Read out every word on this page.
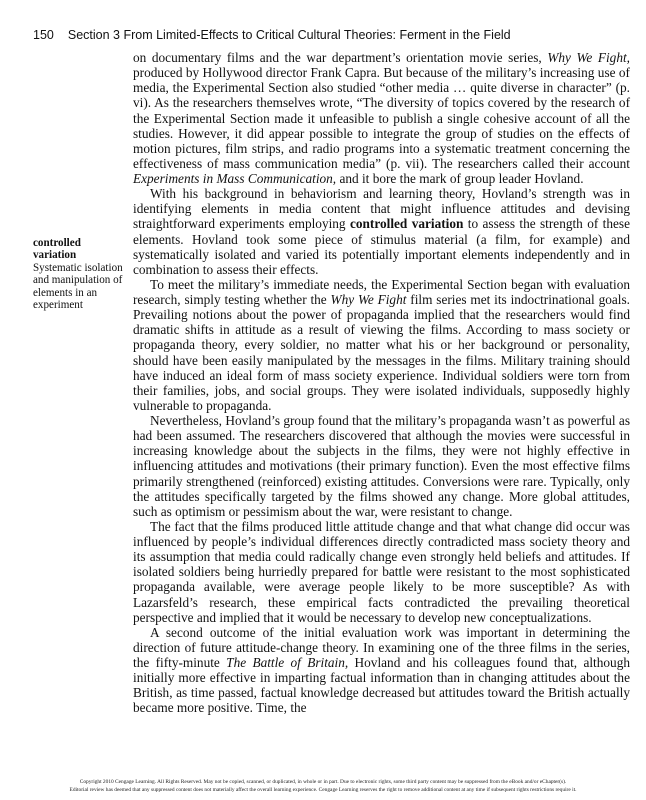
150 Section 3 From Limited-Effects to Critical Cultural Theories: Ferment in the Field
controlled variation
Systematic isolation and manipulation of elements in an experiment

on documentary films and the war department’s orientation movie series, Why We Fight, produced by Hollywood director Frank Capra. But because of the military’s increasing use of media, the Experimental Section also studied “other media … quite diverse in character” (p. vi). As the researchers themselves wrote, “The diversity of topics covered by the research of the Experimental Section made it unfeasible to publish a single cohesive account of all the studies. However, it did appear possible to integrate the group of studies on the effects of motion pictures, film strips, and radio programs into a systematic treatment concerning the effectiveness of mass communication media” (p. vii). The researchers called their account Experiments in Mass Communication, and it bore the mark of group leader Hovland.

With his background in behaviorism and learning theory, Hovland’s strength was in identifying elements in media content that might influence attitudes and devising straightforward experiments employing controlled variation to assess the strength of these elements. Hovland took some piece of stimulus material (a film, for example) and systematically isolated and varied its potentially important elements independently and in combination to assess their effects.

To meet the military’s immediate needs, the Experimental Section began with evaluation research, simply testing whether the Why We Fight film series met its indoctrinational goals. Prevailing notions about the power of propaganda implied that the researchers would find dramatic shifts in attitude as a result of viewing the films. According to mass society or propaganda theory, every soldier, no matter what his or her background or personality, should have been easily manipulated by the messages in the films. Military training should have induced an ideal form of mass society experience. Individual soldiers were torn from their families, jobs, and social groups. They were isolated individuals, supposedly highly vulnerable to propaganda.

Nevertheless, Hovland’s group found that the military’s propaganda wasn’t as powerful as had been assumed. The researchers discovered that although the movies were successful in increasing knowledge about the subjects in the films, they were not highly effective in influencing attitudes and motivations (their primary function). Even the most effective films primarily strengthened (reinforced) existing attitudes. Conversions were rare. Typically, only the attitudes specifically targeted by the films showed any change. More global attitudes, such as optimism or pessimism about the war, were resistant to change.

The fact that the films produced little attitude change and that what change did occur was influenced by people’s individual differences directly contradicted mass society theory and its assumption that media could radically change even strongly held beliefs and attitudes. If isolated soldiers being hurriedly prepared for battle were resistant to the most sophisticated propaganda available, were average people likely to be more susceptible? As with Lazarsfeld’s research, these empirical facts contradicted the prevailing theoretical perspective and implied that it would be necessary to develop new conceptualizations.

A second outcome of the initial evaluation work was important in determining the direction of future attitude-change theory. In examining one of the three films in the series, the fifty-minute The Battle of Britain, Hovland and his colleagues found that, although initially more effective in imparting factual information than in changing attitudes about the British, as time passed, factual knowledge decreased but attitudes toward the British actually became more positive. Time, the

Copyright 2010 Cengage Learning. All Rights Reserved. May not be copied, scanned, or duplicated, in whole or in part. Due to electronic rights, some third party content may be suppressed from the eBook and/or eChapter(s).
Editorial review has deemed that any suppressed content does not materially affect the overall learning experience. Cengage Learning reserves the right to remove additional content at any time if subsequent rights restrictions require it.
